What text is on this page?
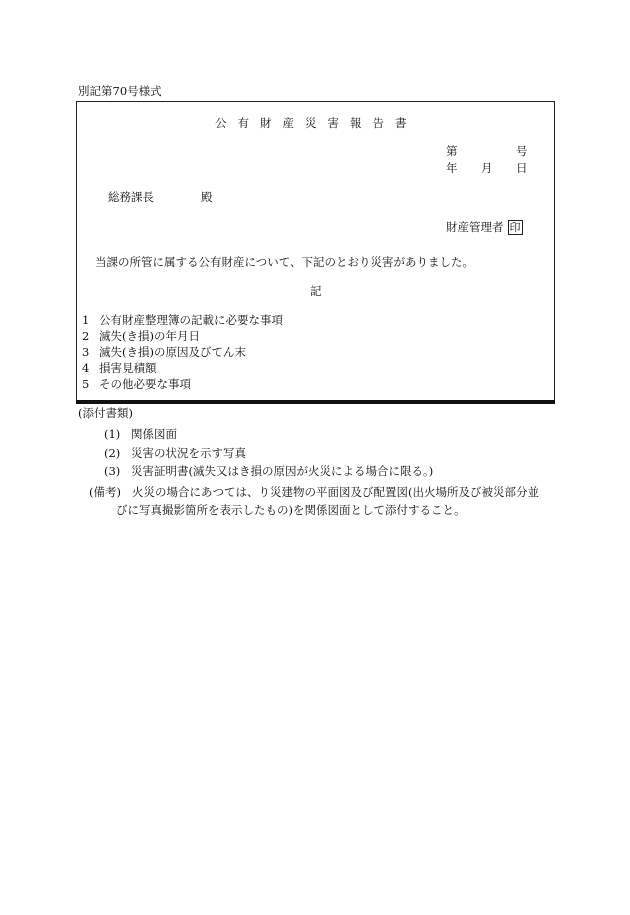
別記第70号様式
公有財産災害報告書
第	号
年 月 日
総務課長	殿
財産管理者 印
当課の所管に属する公有財産について、下記のとおり災害がありました。
記
1 公有財産整理簿の記載に必要な事項
2 滅失(き損)の年月日
3 滅失(き損)の原因及びてん末
4 損害見積額
5 その他必要な事項
(添付書類)
(1) 関係図面
(2) 災害の状況を示す写真
(3) 災害証明書(滅失又はき損の原因が火災による場合に限る。)
(備考) 火災の場合にあつては、り災建物の平面図及び配置図(出火場所及び被災部分並
びに写真撮影箇所を表示したもの)を関係図面として添付すること。
